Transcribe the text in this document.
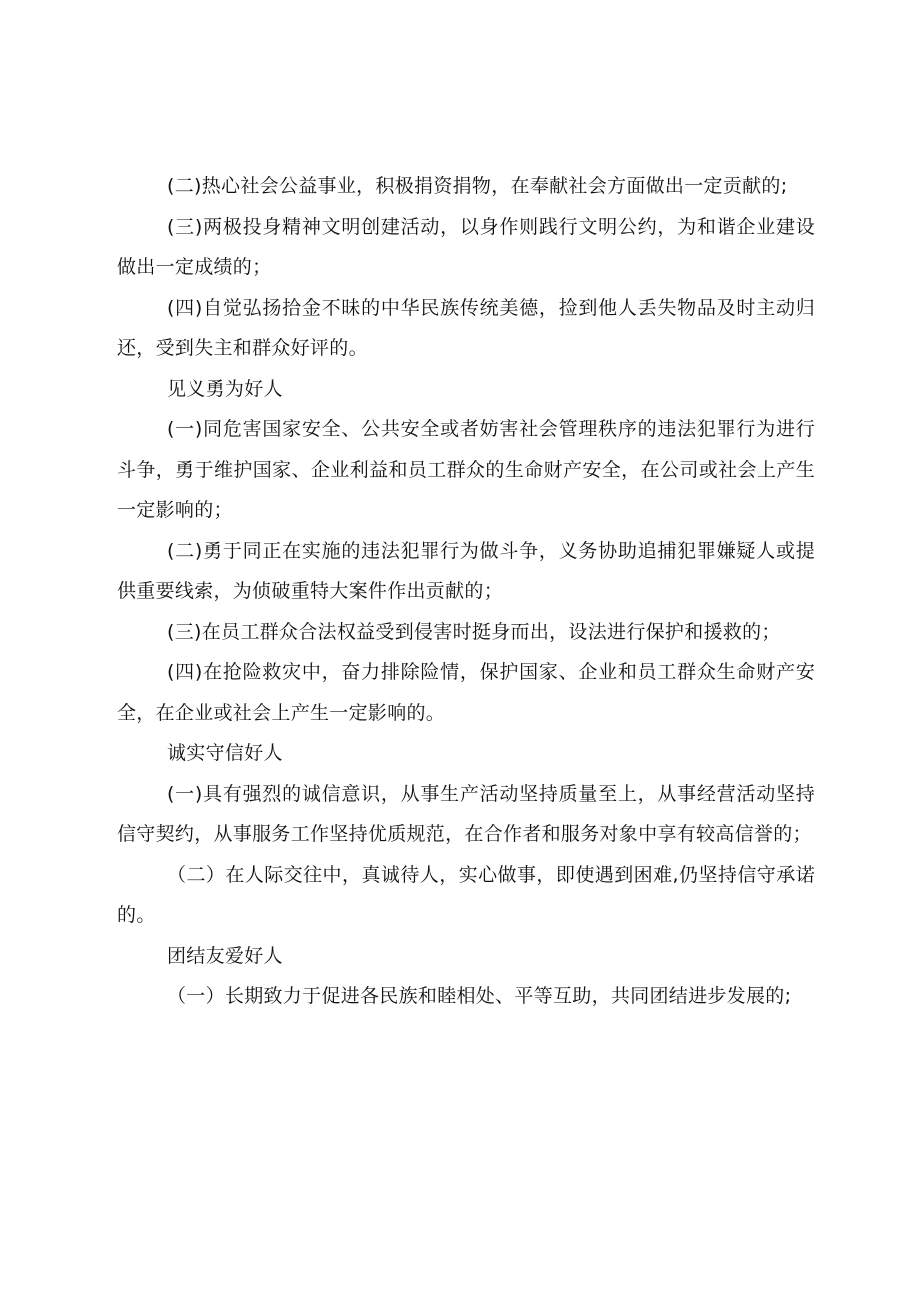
(二)热心社会公益事业，积极捐资捐物，在奉献社会方面做出一定贡献的;

(三)两极投身精神文明创建活动，以身作则践行文明公约，为和谐企业建设做出一定成绩的；

(四)自觉弘扬拾金不昧的中华民族传统美德，捡到他人丢失物品及时主动归还，受到失主和群众好评的。

见义勇为好人

(一)同危害国家安全、公共安全或者妨害社会管理秩序的违法犯罪行为进行斗争，勇于维护国家、企业利益和员工群众的生命财产安全，在公司或社会上产生一定影响的；

(二)勇于同正在实施的违法犯罪行为做斗争，义务协助追捕犯罪嫌疑人或提供重要线索，为侦破重特大案件作出贡献的；

(三)在员工群众合法权益受到侵害时挺身而出，设法进行保护和援救的；

(四)在抢险救灾中，奋力排除险情，保护国家、企业和员工群众生命财产安全，在企业或社会上产生一定影响的。

诚实守信好人

(一)具有强烈的诚信意识，从事生产活动坚持质量至上，从事经营活动坚持信守契约，从事服务工作坚持优质规范，在合作者和服务对象中享有较高信誉的；

（二）在人际交往中，真诚待人，实心做事，即使遇到困难,仍坚持信守承诺的。

团结友爱好人

（一）长期致力于促进各民族和睦相处、平等互助，共同团结进步发展的;
